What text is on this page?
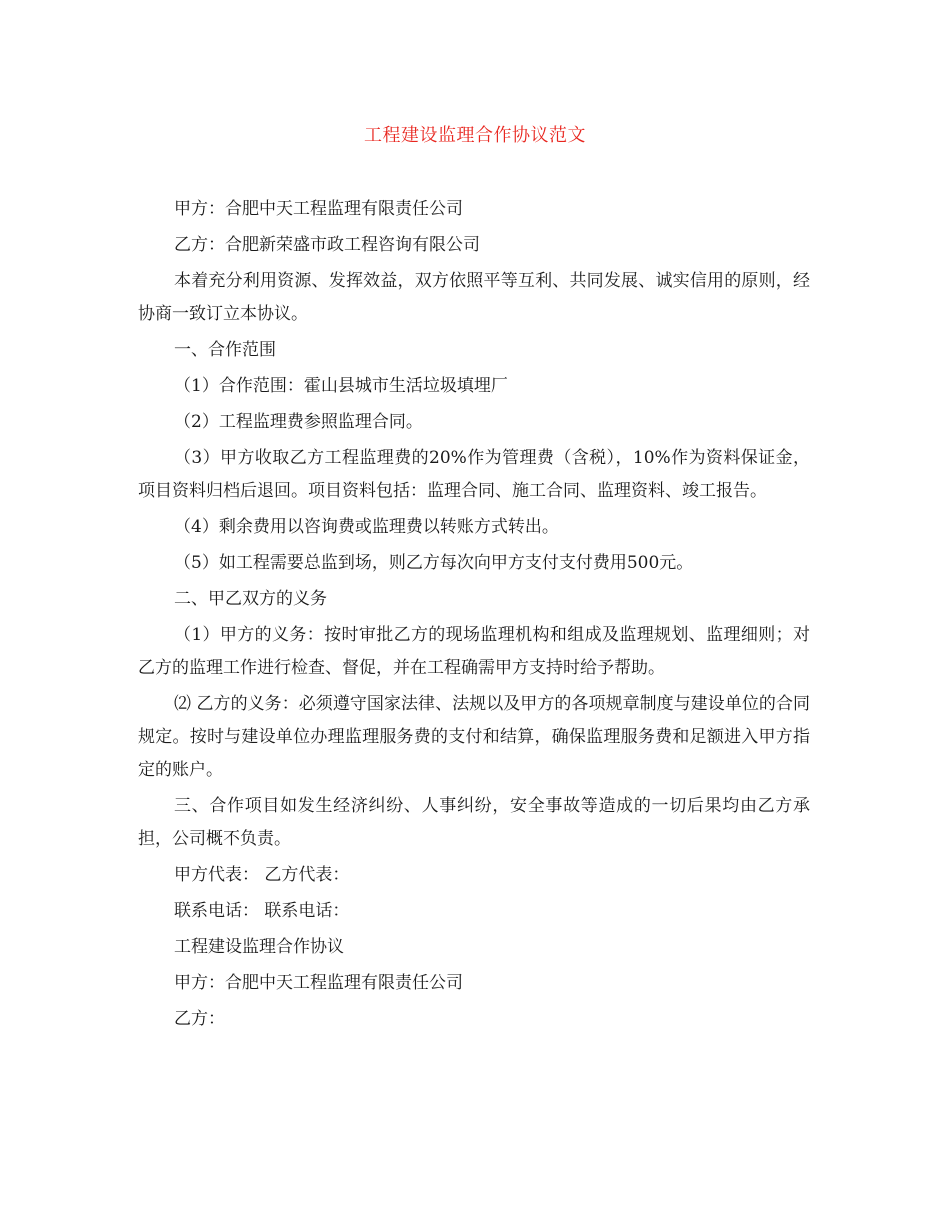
工程建设监理合作协议范文

甲方：合肥中天工程监理有限责任公司

乙方：合肥新荣盛市政工程咨询有限公司

本着充分利用资源、发挥效益，双方依照平等互利、共同发展、诚实信用的原则，经协商一致订立本协议。

一、合作范围

（1）合作范围：霍山县城市生活垃圾填埋厂

（2）工程监理费参照监理合同。

（3）甲方收取乙方工程监理费的20%作为管理费（含税），10%作为资料保证金，项目资料归档后退回。项目资料包括：监理合同、施工合同、监理资料、竣工报告。

（4）剩余费用以咨询费或监理费以转账方式转出。

（5）如工程需要总监到场，则乙方每次向甲方支付支付费用500元。

二、甲乙双方的义务

（1）甲方的义务：按时审批乙方的现场监理机构和组成及监理规划、监理细则；对乙方的监理工作进行检查、督促，并在工程确需甲方支持时给予帮助。

⑵ 乙方的义务：必须遵守国家法律、法规以及甲方的各项规章制度与建设单位的合同规定。按时与建设单位办理监理服务费的支付和结算，确保监理服务费和足额进入甲方指定的账户。

三、合作项目如发生经济纠纷、人事纠纷，安全事故等造成的一切后果均由乙方承担，公司概不负责。

甲方代表： 乙方代表：

联系电话： 联系电话：

工程建设监理合作协议

甲方：合肥中天工程监理有限责任公司

乙方：
